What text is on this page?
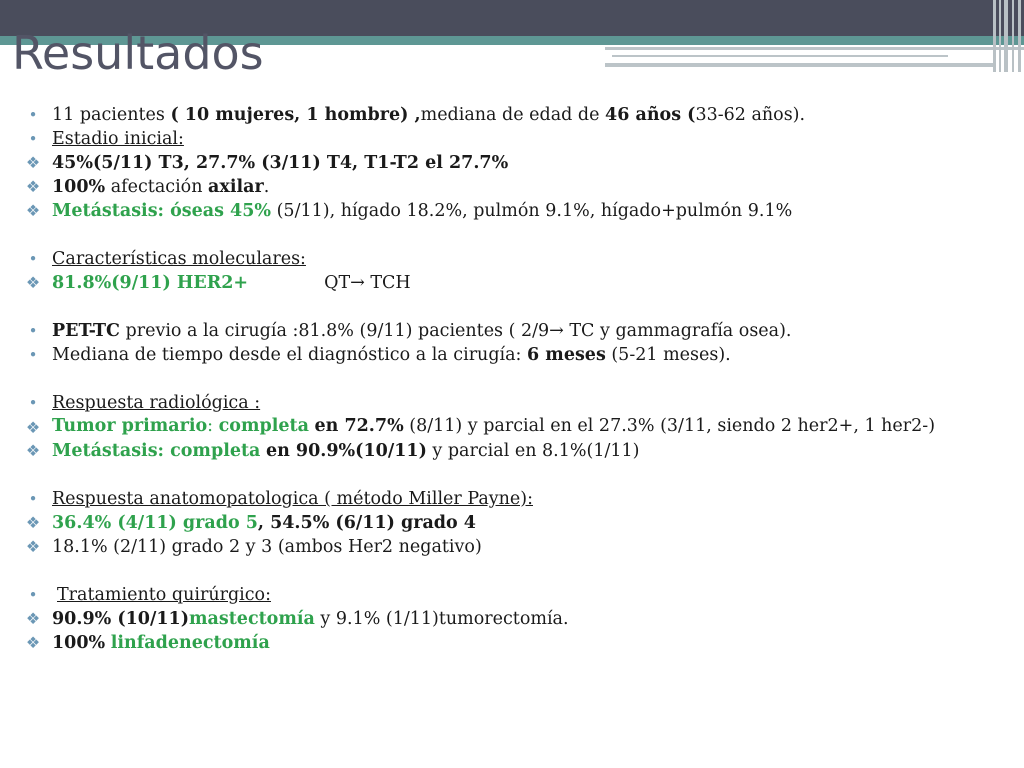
Resultados
• 11 pacientes ( 10 mujeres, 1 hombre) ,mediana de edad de 46 años (33-62 años).
• Estadio inicial:
❖ 45%(5/11) T3, 27.7% (3/11) T4, T1-T2 el 27.7%
❖ 100% afectación axilar.
❖ Metástasis: óseas 45% (5/11), hígado 18.2%, pulmón 9.1%, hígado+pulmón 9.1%
• Características moleculares:
❖ 81.8%(9/11) HER2+	QT→ TCH
• PET-TC previo a la cirugía :81.8% (9/11) pacientes ( 2/9→ TC y gammagrafía osea).
• Mediana de tiempo desde el diagnóstico a la cirugía: 6 meses (5-21 meses).
• Respuesta radiológica :
❖ Tumor primario: completa en 72.7% (8/11) y parcial en el 27.3% (3/11, siendo 2 her2+, 1 her2-)
❖ Metástasis: completa en 90.9%(10/11) y parcial en 8.1%(1/11)
• Respuesta anatomopatologica ( método Miller Payne):
❖ 36.4% (4/11) grado 5, 54.5% (6/11) grado 4
❖ 18.1% (2/11) grado 2 y 3 (ambos Her2 negativo)
•	Tratamiento quirúrgico:
❖ 90.9% (10/11)mastectomía y 9.1% (1/11)tumorectomía.
❖ 100% linfadenectomía
